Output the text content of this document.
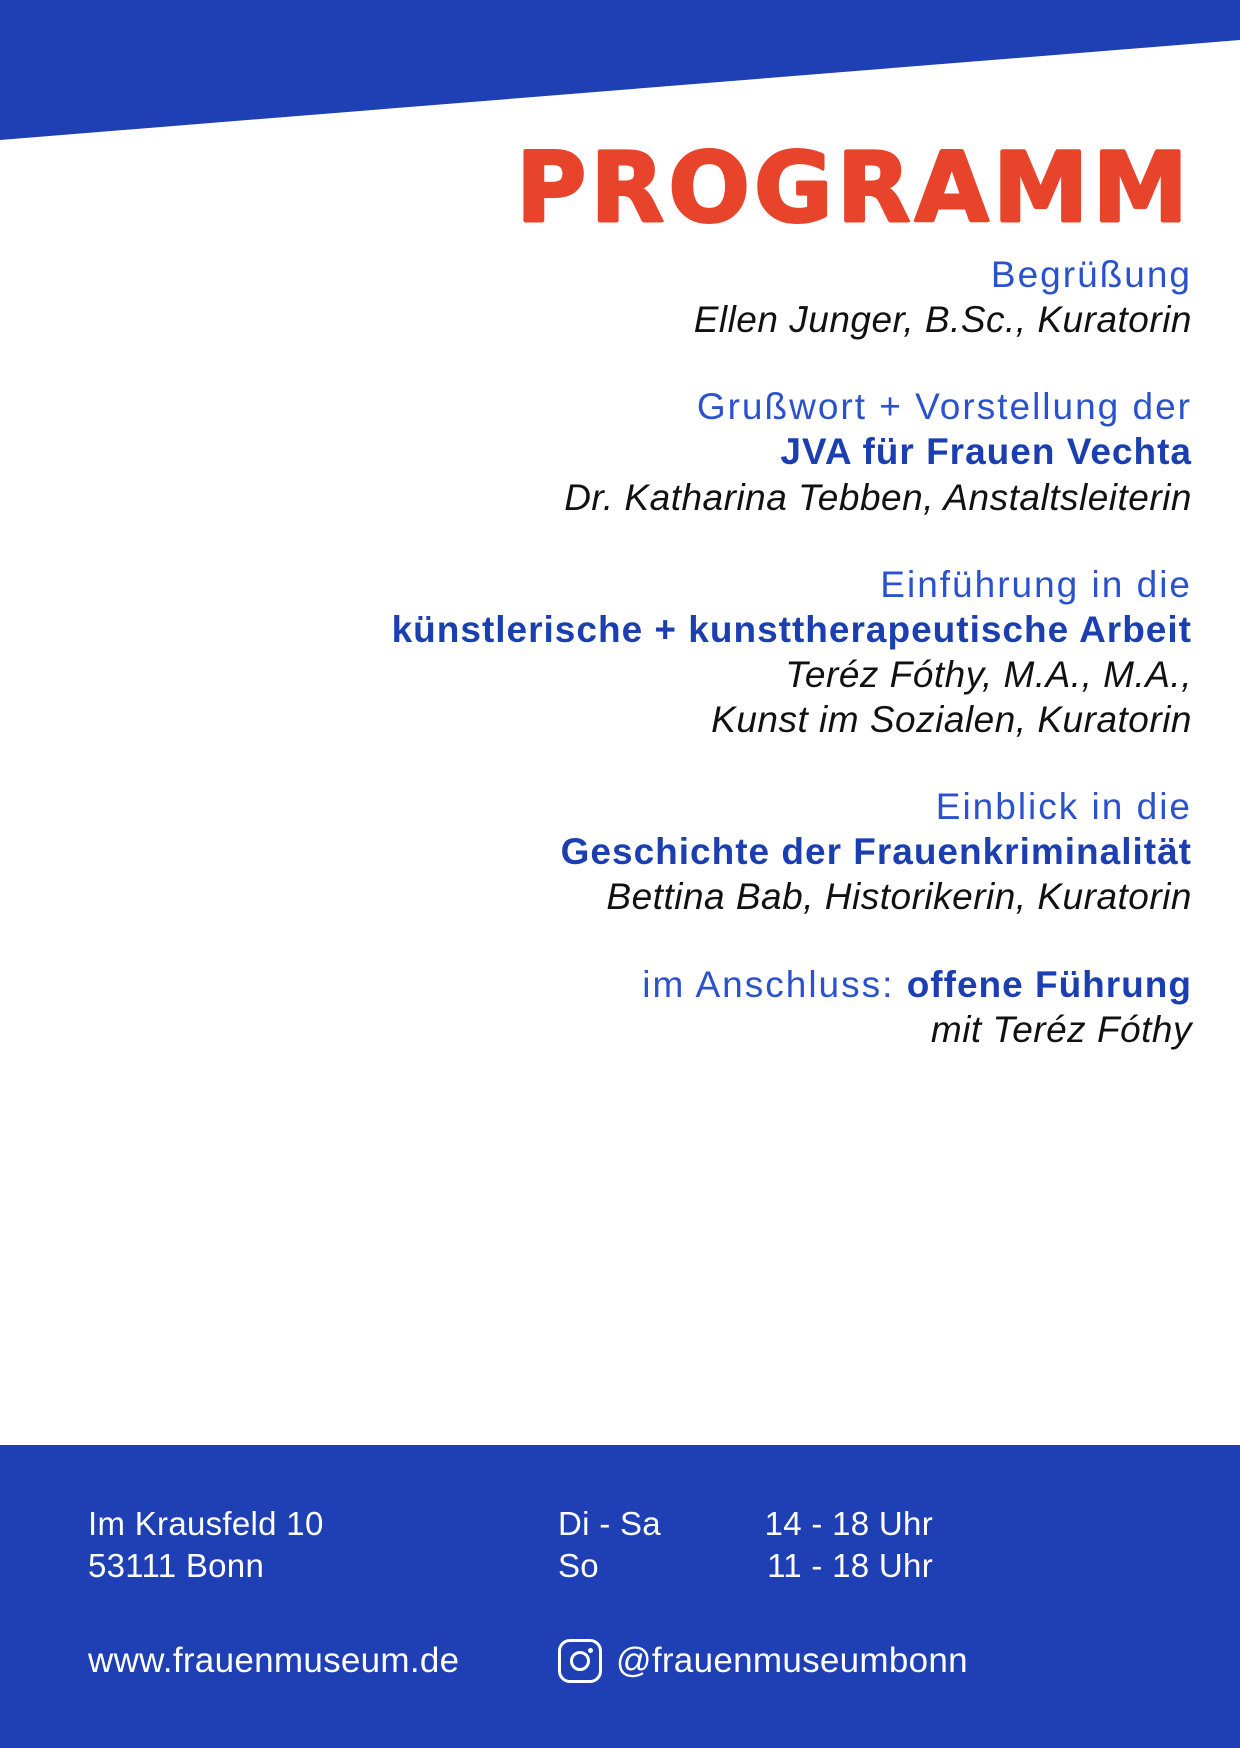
PROGRAMM
Begrüßung
Ellen Junger, B.Sc., Kuratorin
Grußwort + Vorstellung der
JVA für Frauen Vechta
Dr. Katharina Tebben, Anstaltsleiterin
Einführung in die
künstlerische + kunsttherapeutische Arbeit
Teréz Fóthy, M.A., M.A.,
Kunst im Sozialen, Kuratorin
Einblick in die
Geschichte der Frauenkriminalität
Bettina Bab, Historikerin, Kuratorin
im Anschluss: offene Führung
mit Teréz Fóthy
Im Krausfeld 10
53111 Bonn
Di - Sa	14 - 18 Uhr
So	11 - 18 Uhr
www.frauenmuseum.de	@frauenmuseumbonn
